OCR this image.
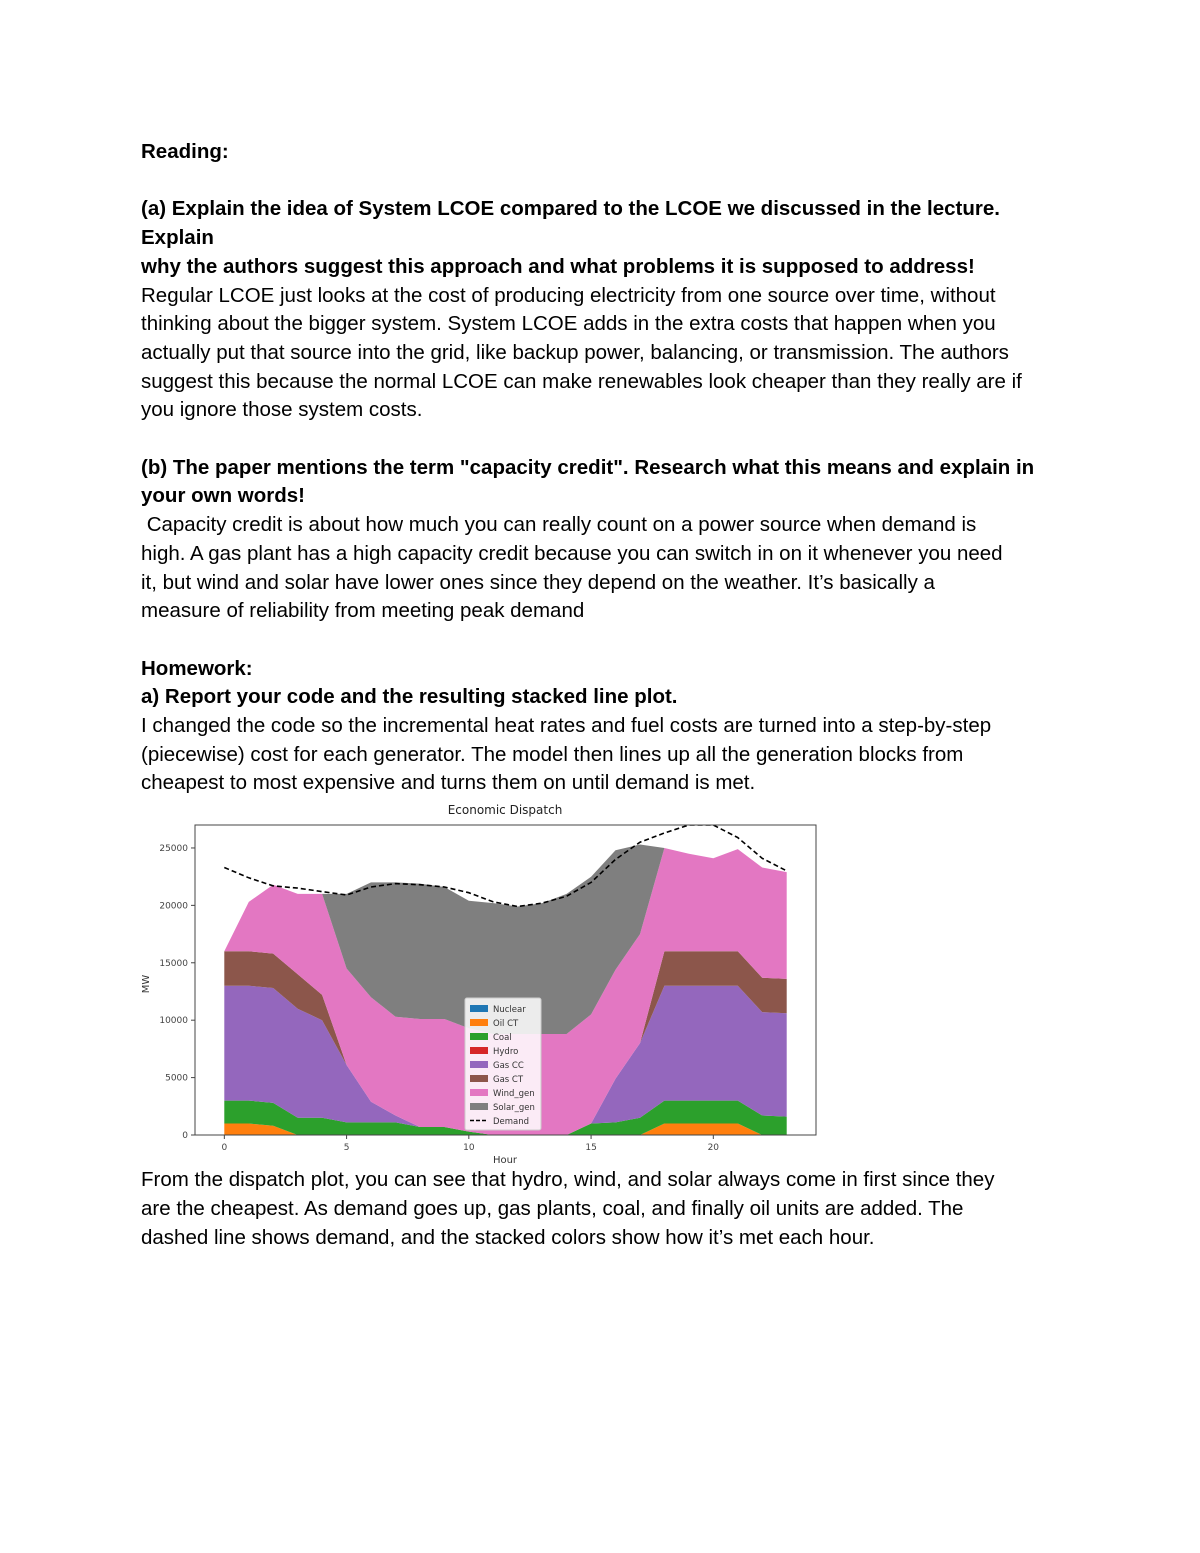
Reading:

(a) Explain the idea of System LCOE compared to the LCOE we discussed in the lecture. Explain

why the authors suggest this approach and what problems it is supposed to address!

Regular LCOE just looks at the cost of producing electricity from one source over time, without

thinking about the bigger system. System LCOE adds in the extra costs that happen when you

actually put that source into the grid, like backup power, balancing, or transmission. The authors

suggest this because the normal LCOE can make renewables look cheaper than they really are if

you ignore those system costs.

(b) The paper mentions the term "capacity credit". Research what this means and explain in

your own words!

Capacity credit is about how much you can really count on a power source when demand is

high. A gas plant has a high capacity credit because you can switch in on it whenever you need

it, but wind and solar have lower ones since they depend on the weather. It’s basically a

measure of reliability from meeting peak demand

Homework:

a) Report your code and the resulting stacked line plot.

I changed the code so the incremental heat rates and fuel costs are turned into a step-by-step

(piecewise) cost for each generator. The model then lines up all the generation blocks from

cheapest to most expensive and turns them on until demand is met.

Economic Dispatch
0	5	10	15	20
0
5000
10000
15000
20000
25000
Hour
MW
Nuclear
Oil CT
Coal
Hydro
Gas CC
Gas CT
Wind_gen
Solar_gen
Demand

From the dispatch plot, you can see that hydro, wind, and solar always come in first since they

are the cheapest. As demand goes up, gas plants, coal, and finally oil units are added. The

dashed line shows demand, and the stacked colors show how it’s met each hour.
